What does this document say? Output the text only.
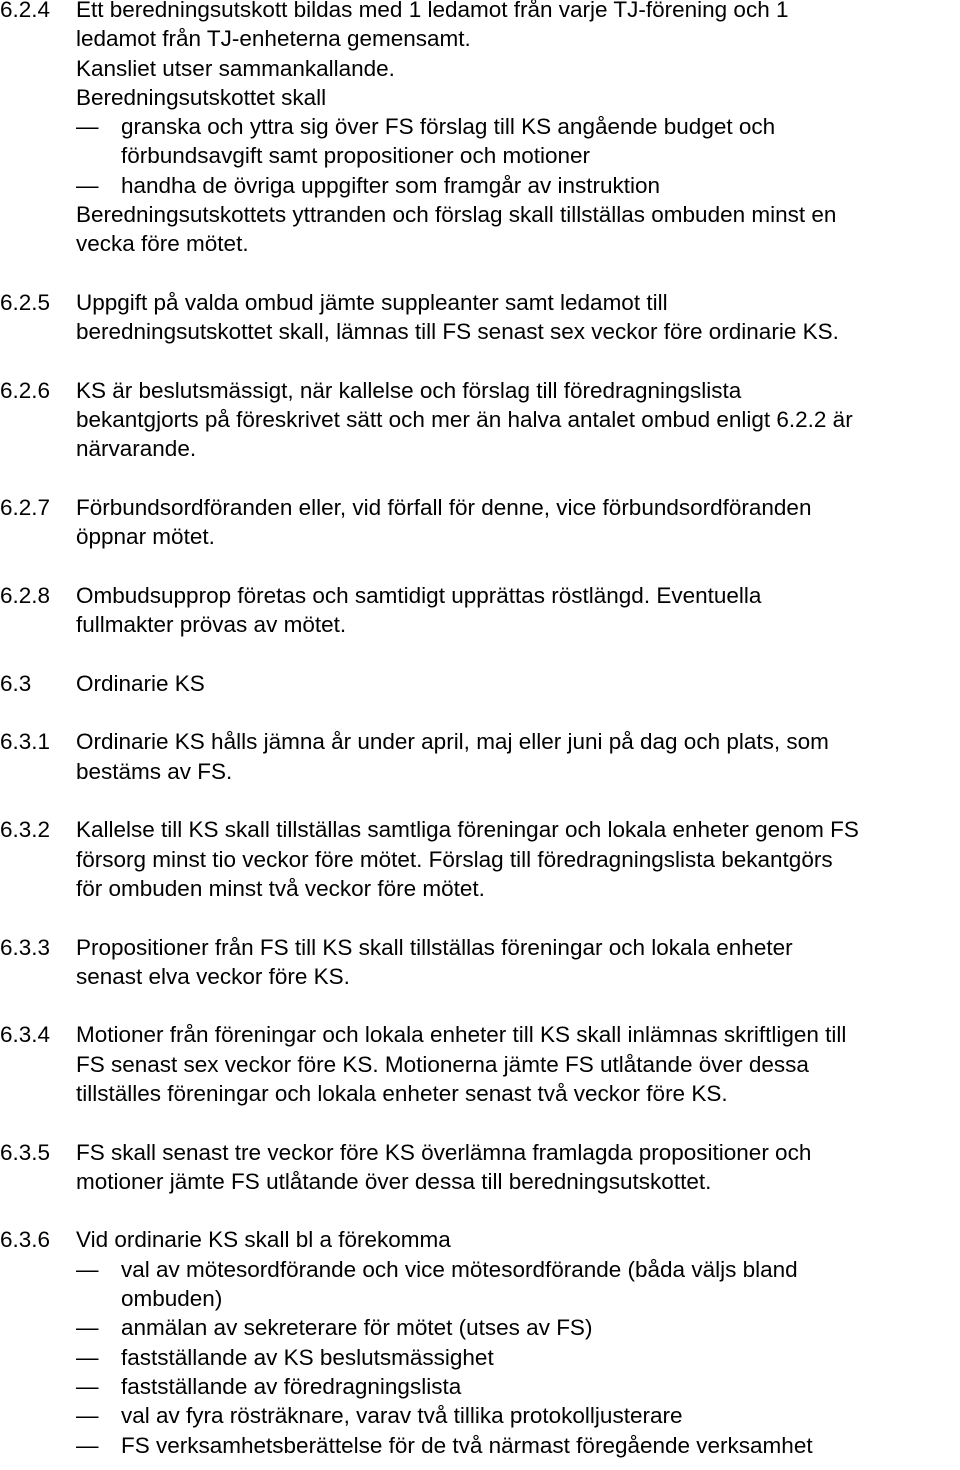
6.2.4	Ett beredningsutskott bildas med 1 ledamot från varje TJ-förening och 1
ledamot från TJ-enheterna gemensamt.
Kansliet utser sammankallande.
Beredningsutskottet skall
—	granska och yttra sig över FS förslag till KS angående budget och
förbundsavgift samt propositioner och motioner
—	handha de övriga uppgifter som framgår av instruktion
Beredningsutskottets yttranden och förslag skall tillställas ombuden minst en
vecka före mötet.
6.2.5	Uppgift på valda ombud jämte suppleanter samt ledamot till
beredningsutskottet skall, lämnas till FS senast sex veckor före ordinarie KS.
6.2.6	KS är beslutsmässigt, när kallelse och förslag till föredragningslista
bekantgjorts på föreskrivet sätt och mer än halva antalet ombud enligt 6.2.2 är
närvarande.
6.2.7	Förbundsordföranden eller, vid förfall för denne, vice förbundsordföranden
öppnar mötet.
6.2.8	Ombudsupprop företas och samtidigt upprättas röstlängd. Eventuella
fullmakter prövas av mötet.
6.3	Ordinarie KS
6.3.1	Ordinarie KS hålls jämna år under april, maj eller juni på dag och plats, som
bestäms av FS.
6.3.2	Kallelse till KS skall tillställas samtliga föreningar och lokala enheter genom FS
försorg minst tio veckor före mötet. Förslag till föredragningslista bekantgörs
för ombuden minst två veckor före mötet.
6.3.3	Propositioner från FS till KS skall tillställas föreningar och lokala enheter
senast elva veckor före KS.
6.3.4	Motioner från föreningar och lokala enheter till KS skall inlämnas skriftligen till
FS senast sex veckor före KS. Motionerna jämte FS utlåtande över dessa
tillställes föreningar och lokala enheter senast två veckor före KS.
6.3.5	FS skall senast tre veckor före KS överlämna framlagda propositioner och
motioner jämte FS utlåtande över dessa till beredningsutskottet.
6.3.6	Vid ordinarie KS skall bl a förekomma
—	val av mötesordförande och vice mötesordförande (båda väljs bland
ombuden)
—	anmälan av sekreterare för mötet (utses av FS)
—	fastställande av KS beslutsmässighet
—	fastställande av föredragningslista
—	val av fyra rösträknare, varav två tillika protokolljusterare
—	FS verksamhetsberättelse för de två närmast föregående verksamhet
